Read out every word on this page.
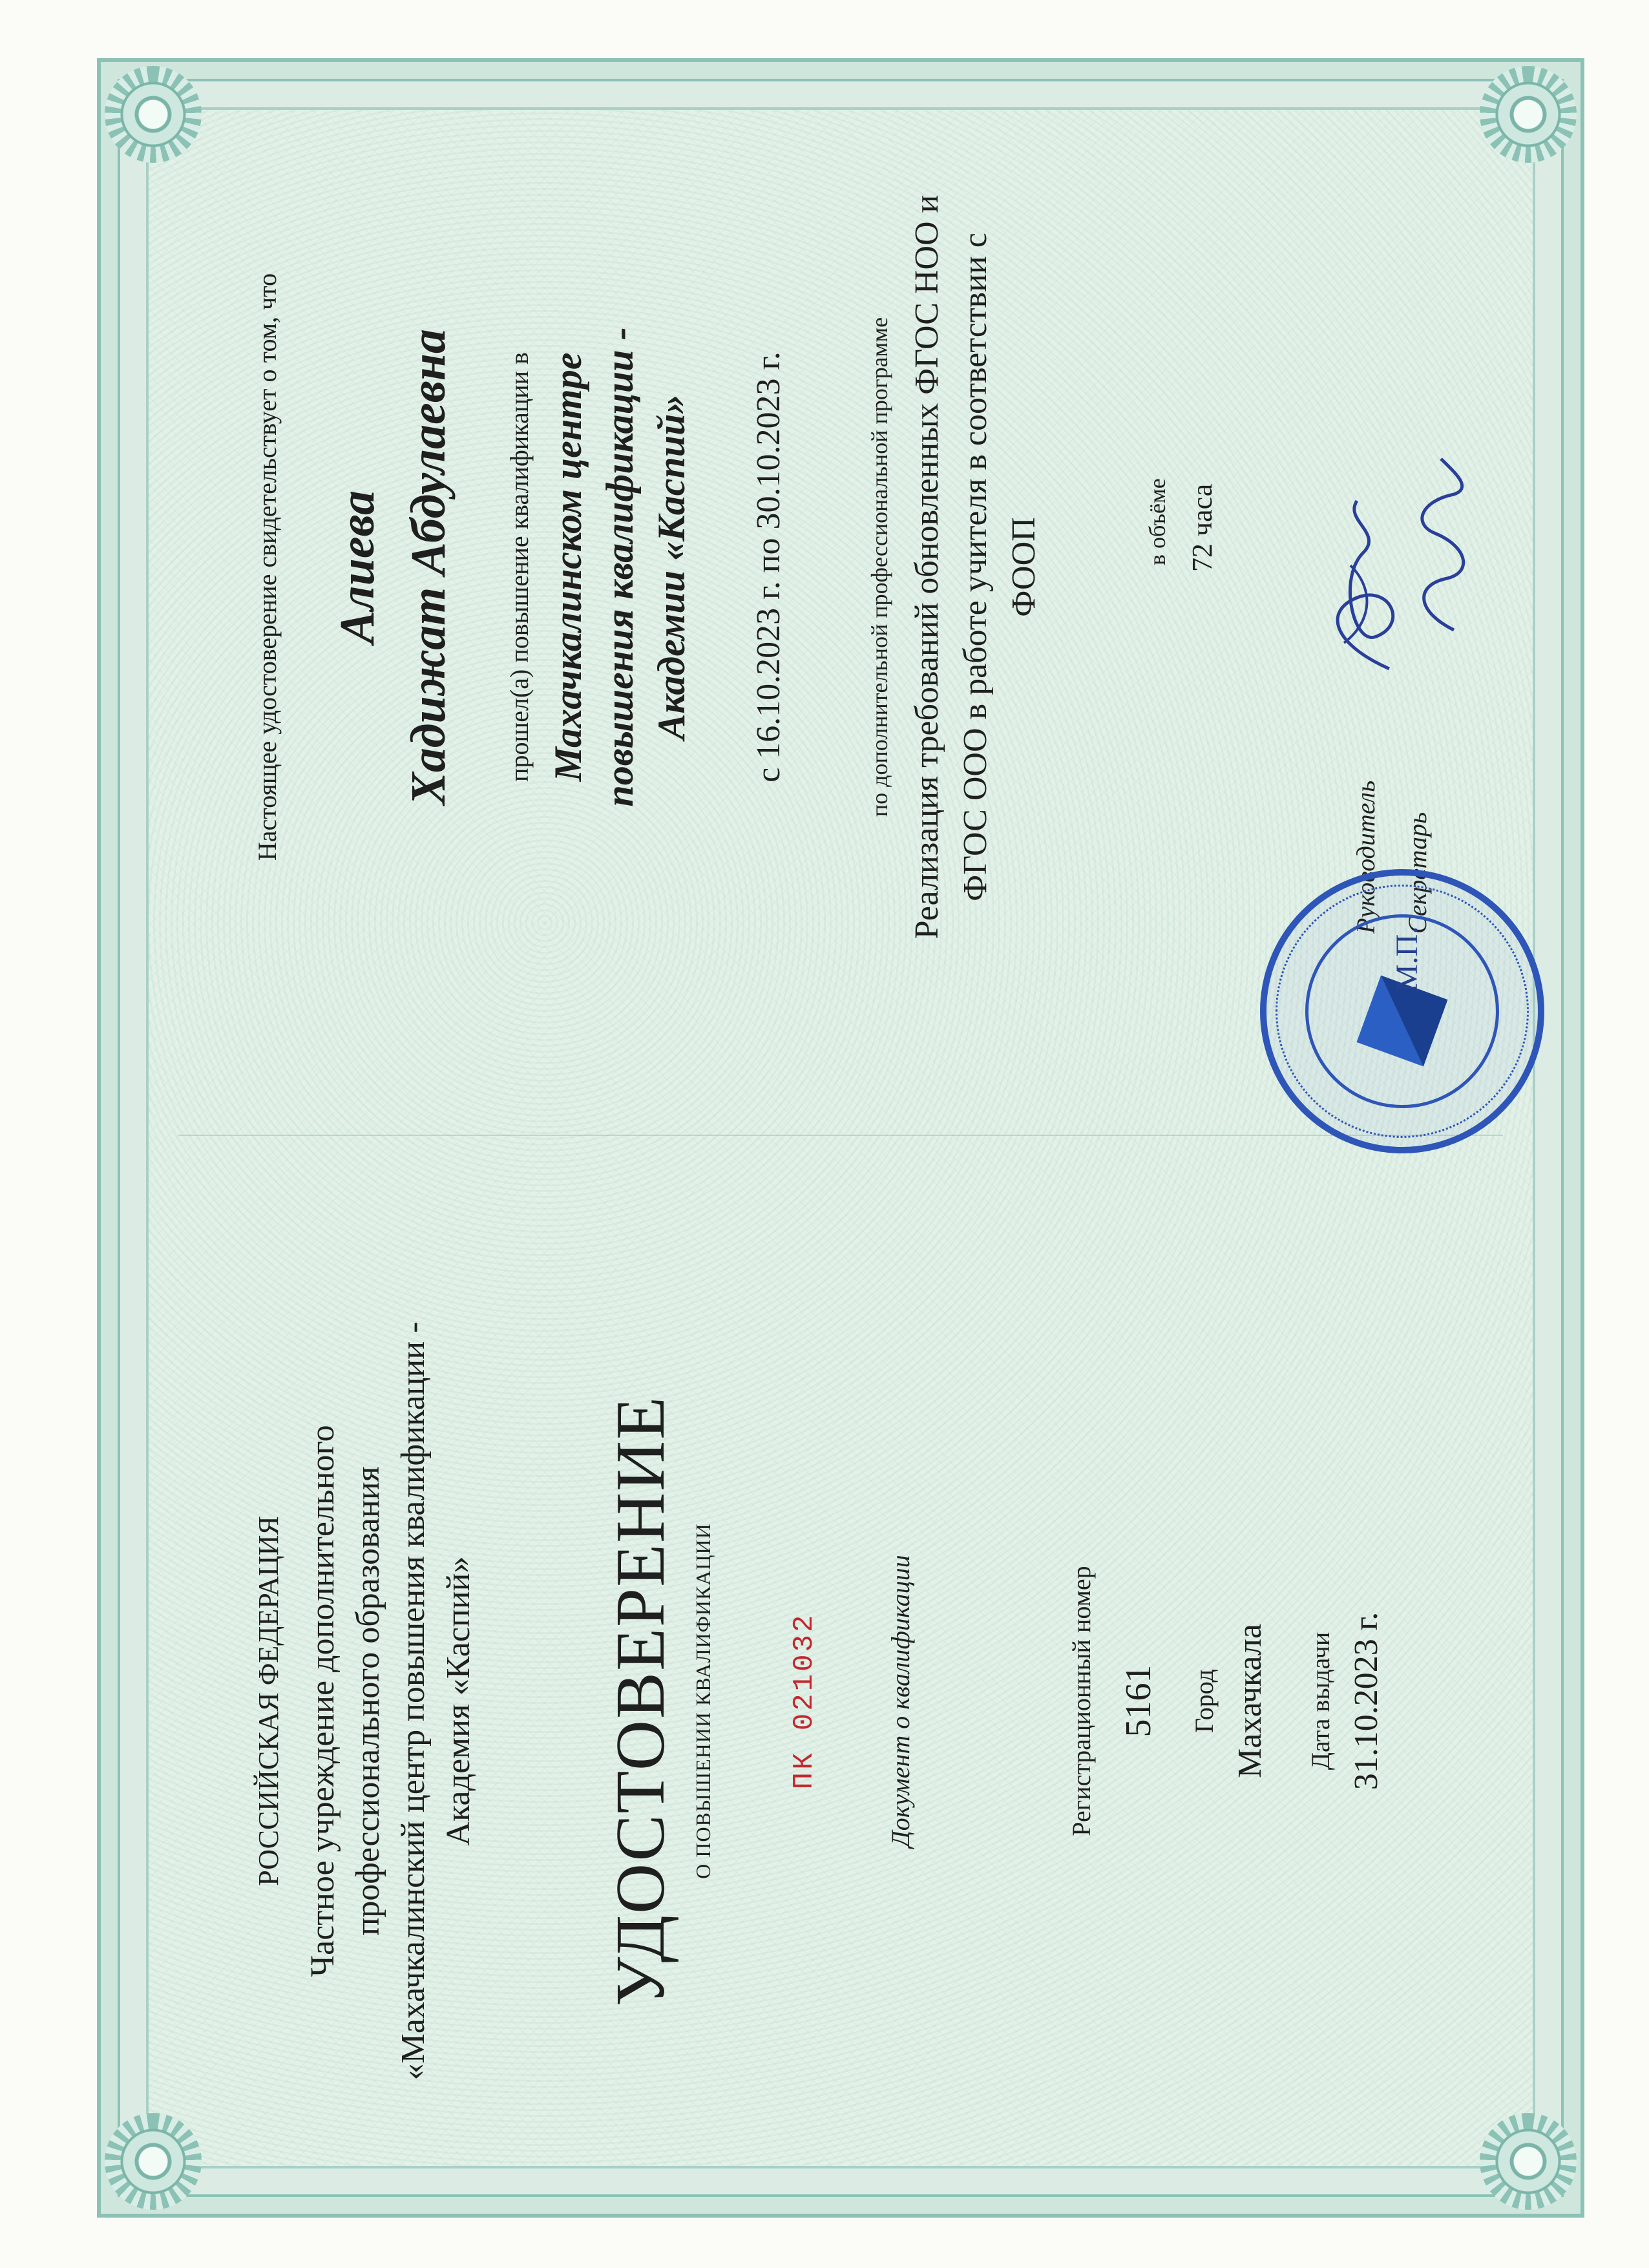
РОССИЙСКАЯ ФЕДЕРАЦИЯ Частное учреждение дополнительного профессионального образования «Махачкалинский центр повышения квалификации - Академия «Каспий» УДОСТОВЕРЕНИЕ О ПОВЫШЕНИИ КВАЛИФИКАЦИИ	ПК 021032	Документ о квалификации	Регистрационный номер 5161 Город Махачкала Дата выдачи 31.10.2023 г.
Настоящее удостоверение свидетельствует о том, что Алиева Хадижат Абдулаевна прошел(а) повышение квалификации в Махачкалинском центре повышения квалификации - Академии «Каспий» с 16.10.2023 г. по 30.10.2023 г.	по дополнительной профессиональной программе Реализация требований обновленных ФГОС НОО и ФГОС ООО в работе учителя в соответствии с ФООП	в объёме 72 часа
Руководитель Секретарь
М.П.
